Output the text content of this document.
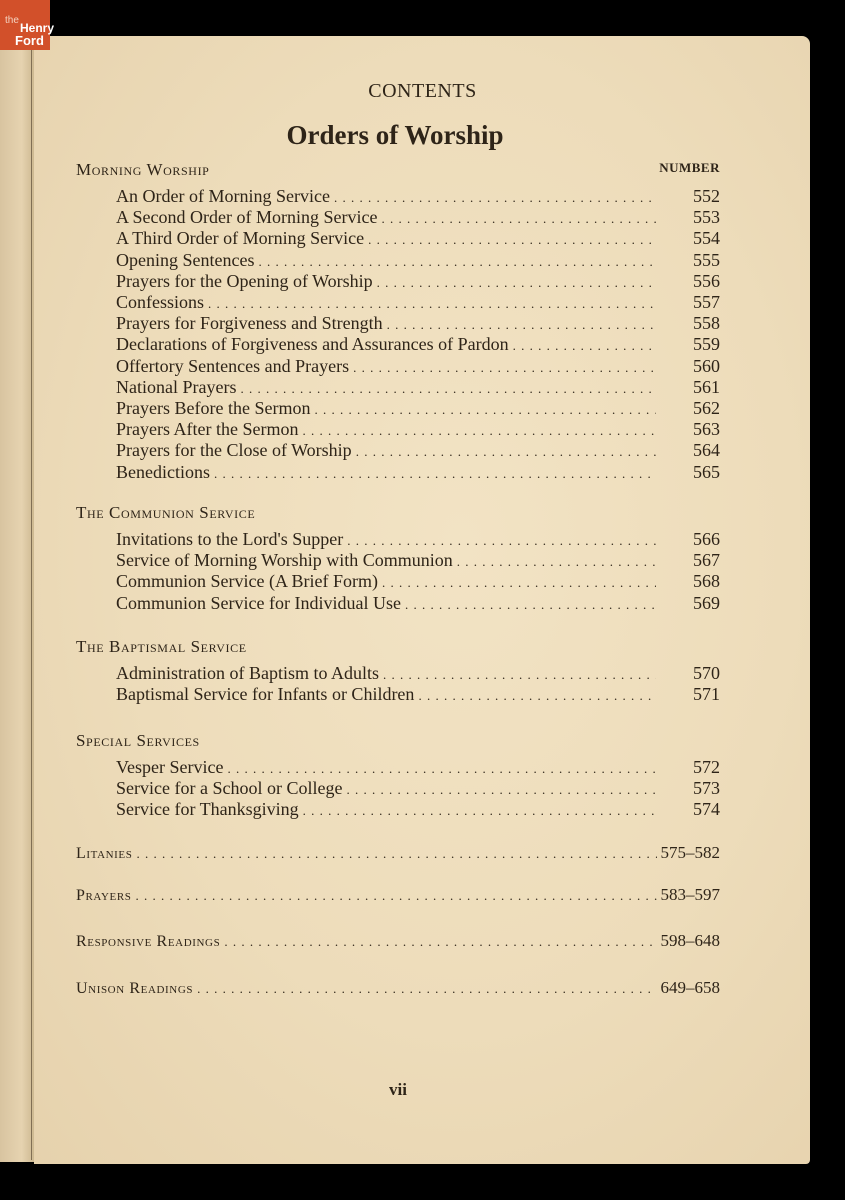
the
Henry
Ford
CONTENTS
Orders of Worship
NUMBER
Morning Worship
An Order of Morning Service . . .	552
A Second Order of Morning Service . . .	553
A Third Order of Morning Service . . .	554
Opening Sentences . . .	555
Prayers for the Opening of Worship . . .	556
Confessions . . .	557
Prayers for Forgiveness and Strength . . .	558
Declarations of Forgiveness and Assurances of Pardon . . .	559
Offertory Sentences and Prayers . . .	560
National Prayers . . .	561
Prayers Before the Sermon . . .	562
Prayers After the Sermon . . .	563
Prayers for the Close of Worship . . .	564
Benedictions . . .	565
The Communion Service
Invitations to the Lord's Supper . . .	566
Service of Morning Worship with Communion . . .	567
Communion Service (A Brief Form) . . .	568
Communion Service for Individual Use . . .	569
The Baptismal Service
Administration of Baptism to Adults . . .	570
Baptismal Service for Infants or Children . . .	571
Special Services
Vesper Service . . .	572
Service for a School or College . . .	573
Service for Thanksgiving . . .	574
Litanies . . .	575–582
Prayers . . .	583–597
Responsive Readings . . .	598–648
Unison Readings . . .	649–658
vii
